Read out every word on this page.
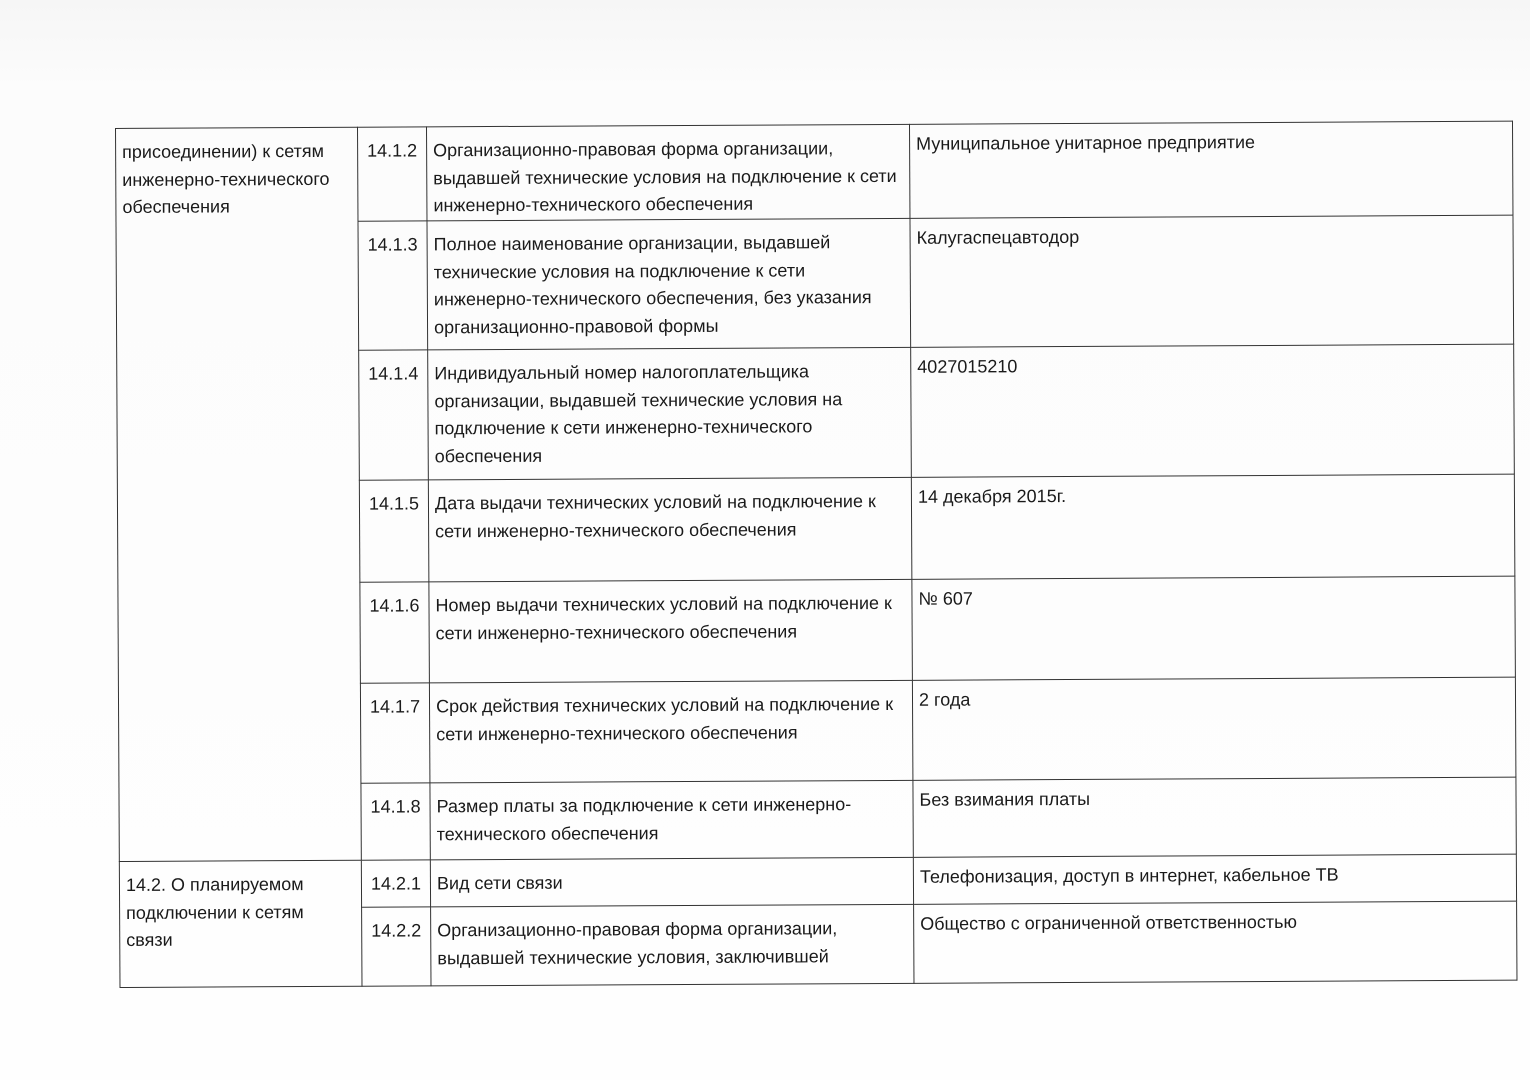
присоединении) к сетям инженерно-технического обеспечения	14.1.2	Организационно-правовая форма организации, выдавшей технические условия на подключение к сети инженерно-технического обеспечения	Муниципальное унитарное предприятие
	14.1.3	Полное наименование организации, выдавшей технические условия на подключение к сети инженерно-технического обеспечения, без указания организационно-правовой формы	Калугаспецавтодор
	14.1.4	Индивидуальный номер налогоплательщика организации, выдавшей технические условия на подключение к сети инженерно-технического обеспечения	4027015210
	14.1.5	Дата выдачи технических условий на подключение к сети инженерно-технического обеспечения	14 декабря 2015г.
	14.1.6	Номер выдачи технических условий на подключение к сети инженерно-технического обеспечения	№ 607
	14.1.7	Срок действия технических условий на подключение к сети инженерно-технического обеспечения	2 года
	14.1.8	Размер платы за подключение к сети инженерно-технического обеспечения	Без взимания платы
14.2. О планируемом подключении к сетям связи	14.2.1	Вид сети связи	Телефонизация, доступ в интернет, кабельное ТВ
	14.2.2	Организационно-правовая форма организации, выдавшей технические условия, заключившей	Общество с ограниченной ответственностью
